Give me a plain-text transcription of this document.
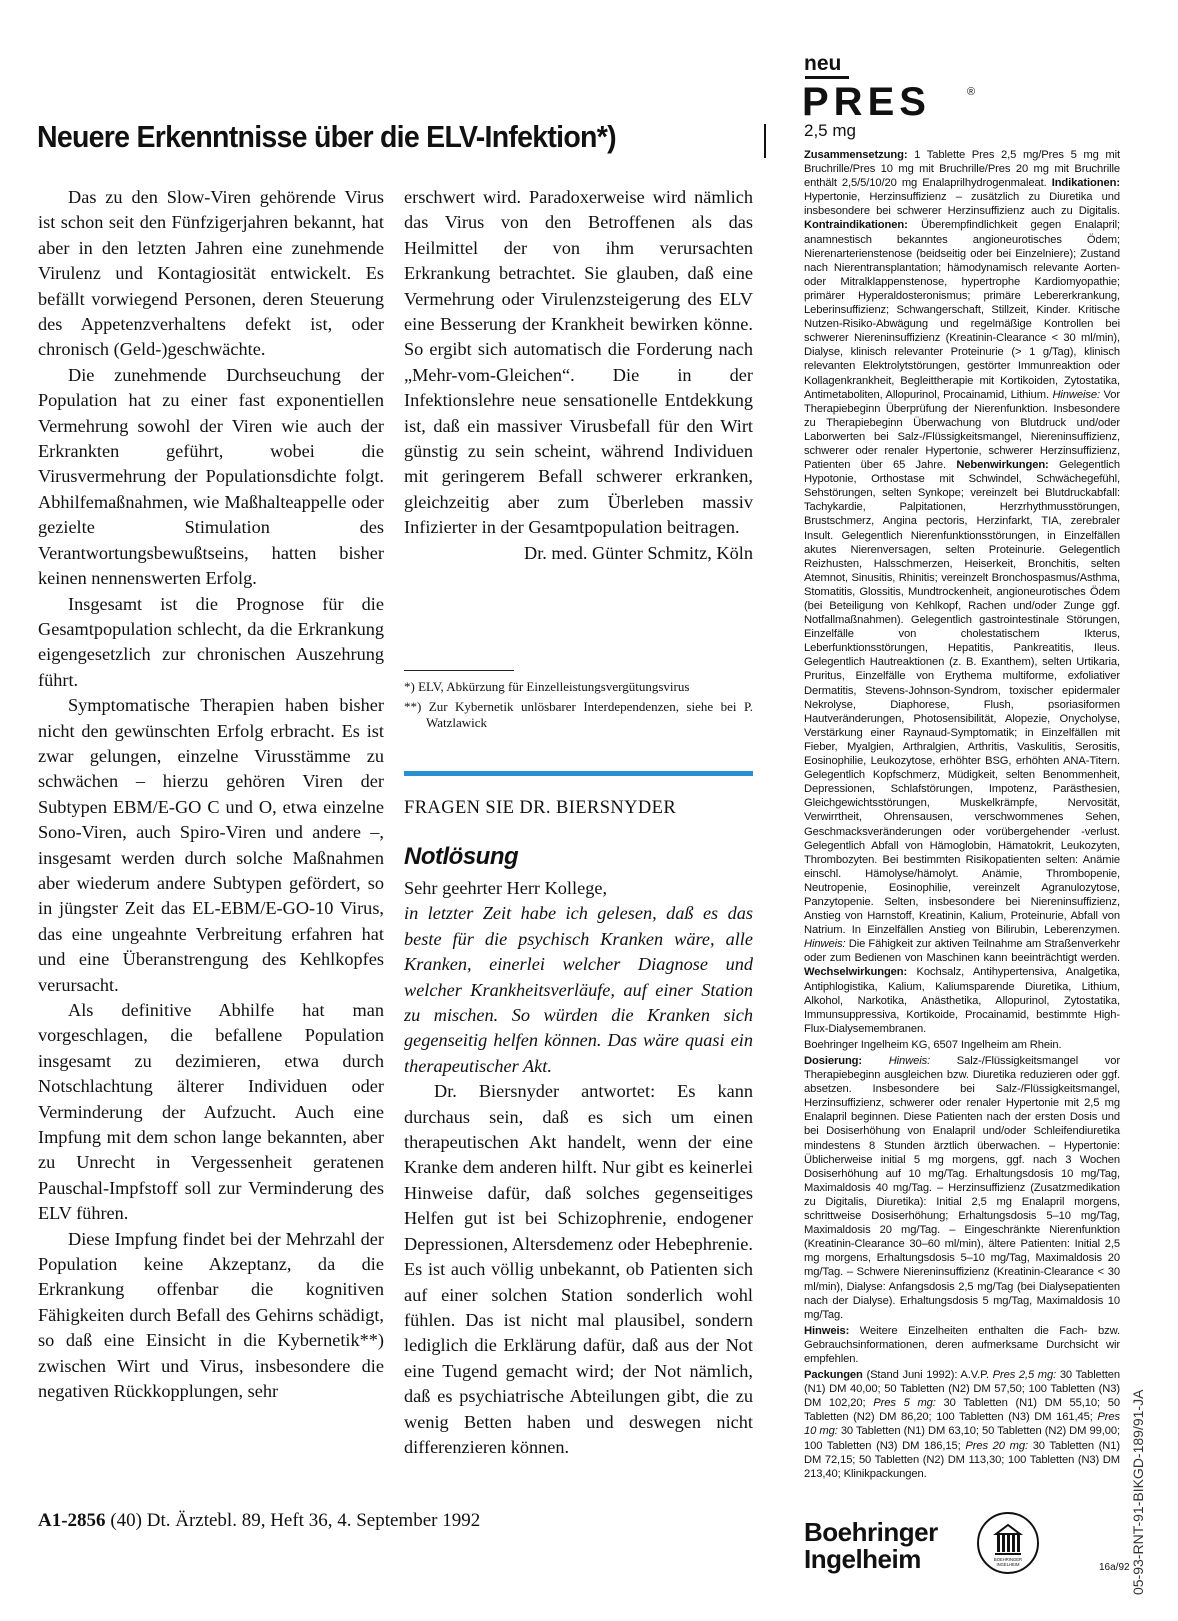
Neuere Erkenntnisse über die ELV-Infektion*)

Das zu den Slow-Viren gehörende Virus ist schon seit den Fünfzigerjahren bekannt, hat aber in den letzten Jahren eine zunehmende Virulenz und Kontagiosität entwickelt. Es befällt vorwiegend Personen, deren Steuerung des Appetenzverhaltens defekt ist, oder chronisch (Geld-)geschwächte.

Die zunehmende Durchseuchung der Population hat zu einer fast exponentiellen Vermehrung sowohl der Viren wie auch der Erkrankten geführt, wobei die Virusvermehrung der Populationsdichte folgt. Abhilfemaßnahmen, wie Maßhalteappelle oder gezielte Stimulation des Verantwortungsbewußtseins, hatten bisher keinen nennenswerten Erfolg.

Insgesamt ist die Prognose für die Gesamtpopulation schlecht, da die Erkrankung eigengesetzlich zur chronischen Auszehrung führt.

Symptomatische Therapien haben bisher nicht den gewünschten Erfolg erbracht. Es ist zwar gelungen, einzelne Virusstämme zu schwächen – hierzu gehören Viren der Subtypen EBM/E-GO C und O, etwa einzelne Sono-Viren, auch Spiro-Viren und andere –, insgesamt werden durch solche Maßnahmen aber wiederum andere Subtypen gefördert, so in jüngster Zeit das EL-EBM/E-GO-10 Virus, das eine ungeahnte Verbreitung erfahren hat und eine Überanstrengung des Kehlkopfes verursacht.

Als definitive Abhilfe hat man vorgeschlagen, die befallene Population insgesamt zu dezimieren, etwa durch Notschlachtung älterer Individuen oder Verminderung der Aufzucht. Auch eine Impfung mit dem schon lange bekannten, aber zu Unrecht in Vergessenheit geratenen Pauschal-Impfstoff soll zur Verminderung des ELV führen.

Diese Impfung findet bei der Mehrzahl der Population keine Akzeptanz, da die Erkrankung offenbar die kognitiven Fähigkeiten durch Befall des Gehirns schädigt, so daß eine Einsicht in die Kybernetik**) zwischen Wirt und Virus, insbesondere die negativen Rückkopplungen, sehr

erschwert wird. Paradoxerweise wird nämlich das Virus von den Betroffenen als das Heilmittel der von ihm verursachten Erkrankung betrachtet. Sie glauben, daß eine Vermehrung oder Virulenzsteigerung des ELV eine Besserung der Krankheit bewirken könne. So ergibt sich automatisch die Forderung nach „Mehr-vom-Gleichen“. Die in der Infektionslehre neue sensationelle Entdekkung ist, daß ein massiver Virusbefall für den Wirt günstig zu sein scheint, während Individuen mit geringerem Befall schwerer erkranken, gleichzeitig aber zum Überleben massiv Infizierter in der Gesamtpopulation beitragen.

Dr. med. Günter Schmitz, Köln

*) ELV, Abkürzung für Einzelleistungsvergütungsvirus
**) Zur Kybernetik unlösbarer Interdependenzen, siehe bei P. Watzlawick
FRAGEN SIE DR. BIERSNYDER
Notlösung

Sehr geehrter Herr Kollege,

in letzter Zeit habe ich gelesen, daß es das beste für die psychisch Kranken wäre, alle Kranken, einerlei welcher Diagnose und welcher Krankheitsverläufe, auf einer Station zu mischen. So würden die Kranken sich gegenseitig helfen können. Das wäre quasi ein therapeutischer Akt.

Dr. Biersnyder antwortet: Es kann durchaus sein, daß es sich um einen therapeutischen Akt handelt, wenn der eine Kranke dem anderen hilft. Nur gibt es keinerlei Hinweise dafür, daß solches gegenseitiges Helfen gut ist bei Schizophrenie, endogener Depressionen, Altersdemenz oder Hebephrenie. Es ist auch völlig unbekannt, ob Patienten sich auf einer solchen Station sonderlich wohl fühlen. Das ist nicht mal plausibel, sondern lediglich die Erklärung dafür, daß aus der Not eine Tugend gemacht wird; der Not nämlich, daß es psychiatrische Abteilungen gibt, die zu wenig Betten haben und deswegen nicht differenzieren können.

A1-2856 (40) Dt. Ärztebl. 89, Heft 36, 4. September 1992
neu
PRES	®
2,5 mg

Zusammensetzung: 1 Tablette Pres 2,5 mg/Pres 5 mg mit Bruchrille/Pres 10 mg mit Bruchrille/Pres 20 mg mit Bruchrille enthält 2,5/5/10/20 mg Enalaprilhydrogenmaleat. Indikationen: Hypertonie, Herzinsuffizienz – zusätzlich zu Diuretika und insbesondere bei schwerer Herzinsuffizienz auch zu Digitalis. Kontraindikationen: Überempfindlichkeit gegen Enalapril; anamnestisch bekanntes angioneurotisches Ödem; Nierenarterienstenose (beidseitig oder bei Einzelniere); Zustand nach Nierentransplantation; hämodynamisch relevante Aorten- oder Mitralklappenstenose, hypertrophe Kardiomyopathie; primärer Hyperaldosteronismus; primäre Lebererkrankung, Leberinsuffizienz; Schwangerschaft, Stillzeit, Kinder. Kritische Nutzen-Risiko-Abwägung und regelmäßige Kontrollen bei schwerer Niereninsuffizienz (Kreatinin-Clearance < 30 ml/min), Dialyse, klinisch relevanter Proteinurie (> 1 g/Tag), klinisch relevanten Elektrolytstörungen, gestörter Immunreaktion oder Kollagenkrankheit, Begleittherapie mit Kortikoiden, Zytostatika, Antimetaboliten, Allopurinol, Procainamid, Lithium. Hinweise: Vor Therapiebeginn Überprüfung der Nierenfunktion. Insbesondere zu Therapiebeginn Überwachung von Blutdruck und/oder Laborwerten bei Salz-/Flüssigkeitsmangel, Niereninsuffizienz, schwerer oder renaler Hypertonie, schwerer Herzinsuffizienz, Patienten über 65 Jahre. Nebenwirkungen: Gelegentlich Hypotonie, Orthostase mit Schwindel, Schwächegefühl, Sehstörungen, selten Synkope; vereinzelt bei Blutdruckabfall: Tachykardie, Palpitationen, Herzrhythmusstörungen, Brustschmerz, Angina pectoris, Herzinfarkt, TIA, zerebraler Insult. Gelegentlich Nierenfunktionsstörungen, in Einzelfällen akutes Nierenversagen, selten Proteinurie. Gelegentlich Reizhusten, Halsschmerzen, Heiserkeit, Bronchitis, selten Atemnot, Sinusitis, Rhinitis; vereinzelt Bronchospasmus/Asthma, Stomatitis, Glossitis, Mundtrockenheit, angioneurotisches Ödem (bei Beteiligung von Kehlkopf, Rachen und/oder Zunge ggf. Notfallmaßnahmen). Gelegentlich gastrointestinale Störungen, Einzelfälle von cholestatischem Ikterus, Leberfunktionsstörungen, Hepatitis, Pankreatitis, Ileus. Gelegentlich Hautreaktionen (z. B. Exanthem), selten Urtikaria, Pruritus, Einzelfälle von Erythema multiforme, exfoliativer Dermatitis, Stevens-Johnson-Syndrom, toxischer epidermaler Nekrolyse, Diaphorese, Flush, psoriasiformen Hautveränderungen, Photosensibilität, Alopezie, Onycholyse, Verstärkung einer Raynaud-Symptomatik; in Einzelfällen mit Fieber, Myalgien, Arthralgien, Arthritis, Vaskulitis, Serositis, Eosinophilie, Leukozytose, erhöhter BSG, erhöhten ANA-Titern. Gelegentlich Kopfschmerz, Müdigkeit, selten Benommenheit, Depressionen, Schlafstörungen, Impotenz, Parästhesien, Gleichgewichtsstörungen, Muskelkrämpfe, Nervosität, Verwirrtheit, Ohrensausen, verschwommenes Sehen, Geschmacksveränderungen oder vorübergehender -verlust. Gelegentlich Abfall von Hämoglobin, Hämatokrit, Leukozyten, Thrombozyten. Bei bestimmten Risikopatienten selten: Anämie einschl. Hämolyse/hämolyt. Anämie, Thrombopenie, Neutropenie, Eosinophilie, vereinzelt Agranulozytose, Panzytopenie. Selten, insbesondere bei Niereninsuffizienz, Anstieg von Harnstoff, Kreatinin, Kalium, Proteinurie, Abfall von Natrium. In Einzelfällen Anstieg von Bilirubin, Leberenzymen. Hinweis: Die Fähigkeit zur aktiven Teilnahme am Straßenverkehr oder zum Bedienen von Maschinen kann beeinträchtigt werden. Wechselwirkungen: Kochsalz, Antihypertensiva, Analgetika, Antiphlogistika, Kalium, Kaliumsparende Diuretika, Lithium, Alkohol, Narkotika, Anästhetika, Allopurinol, Zytostatika, Immunsuppressiva, Kortikoide, Procainamid, bestimmte High-Flux-Dialysemembranen.

Boehringer Ingelheim KG, 6507 Ingelheim am Rhein.

Dosierung: Hinweis: Salz-/Flüssigkeitsmangel vor Therapiebeginn ausgleichen bzw. Diuretika reduzieren oder ggf. absetzen. Insbesondere bei Salz-/Flüssigkeitsmangel, Herzinsuffizienz, schwerer oder renaler Hypertonie mit 2,5 mg Enalapril beginnen. Diese Patienten nach der ersten Dosis und bei Dosiserhöhung von Enalapril und/oder Schleifendiuretika mindestens 8 Stunden ärztlich überwachen. – Hypertonie: Üblicherweise initial 5 mg morgens, ggf. nach 3 Wochen Dosiserhöhung auf 10 mg/Tag. Erhaltungsdosis 10 mg/Tag, Maximaldosis 40 mg/Tag. – Herzinsuffizienz (Zusatzmedikation zu Digitalis, Diuretika): Initial 2,5 mg Enalapril morgens, schrittweise Dosiserhöhung; Erhaltungsdosis 5–10 mg/Tag, Maximaldosis 20 mg/Tag. – Eingeschränkte Nierenfunktion (Kreatinin-Clearance 30–60 ml/min), ältere Patienten: Initial 2,5 mg morgens, Erhaltungsdosis 5–10 mg/Tag, Maximaldosis 20 mg/Tag. – Schwere Niereninsuffizienz (Kreatinin-Clearance < 30 ml/min), Dialyse: Anfangsdosis 2,5 mg/Tag (bei Dialysepatienten nach der Dialyse). Erhaltungsdosis 5 mg/Tag, Maximaldosis 10 mg/Tag.

Hinweis: Weitere Einzelheiten enthalten die Fach- bzw. Gebrauchsinformationen, deren aufmerksame Durchsicht wir empfehlen.

Packungen (Stand Juni 1992): A.V.P. Pres 2,5 mg: 30 Tabletten (N1) DM 40,00; 50 Tabletten (N2) DM 57,50; 100 Tabletten (N3) DM 102,20; Pres 5 mg: 30 Tabletten (N1) DM 55,10; 50 Tabletten (N2) DM 86,20; 100 Tabletten (N3) DM 161,45; Pres 10 mg: 30 Tabletten (N1) DM 63,10; 50 Tabletten (N2) DM 99,00; 100 Tabletten (N3) DM 186,15; Pres 20 mg: 30 Tabletten (N1) DM 72,15; 50 Tabletten (N2) DM 113,30; 100 Tabletten (N3) DM 213,40; Klinikpackungen.

Boehringer
Ingelheim	BOEHRINGER
INGELHEIM	16a/92 05-93-RNT-91-BIKGD-189/91-JA
